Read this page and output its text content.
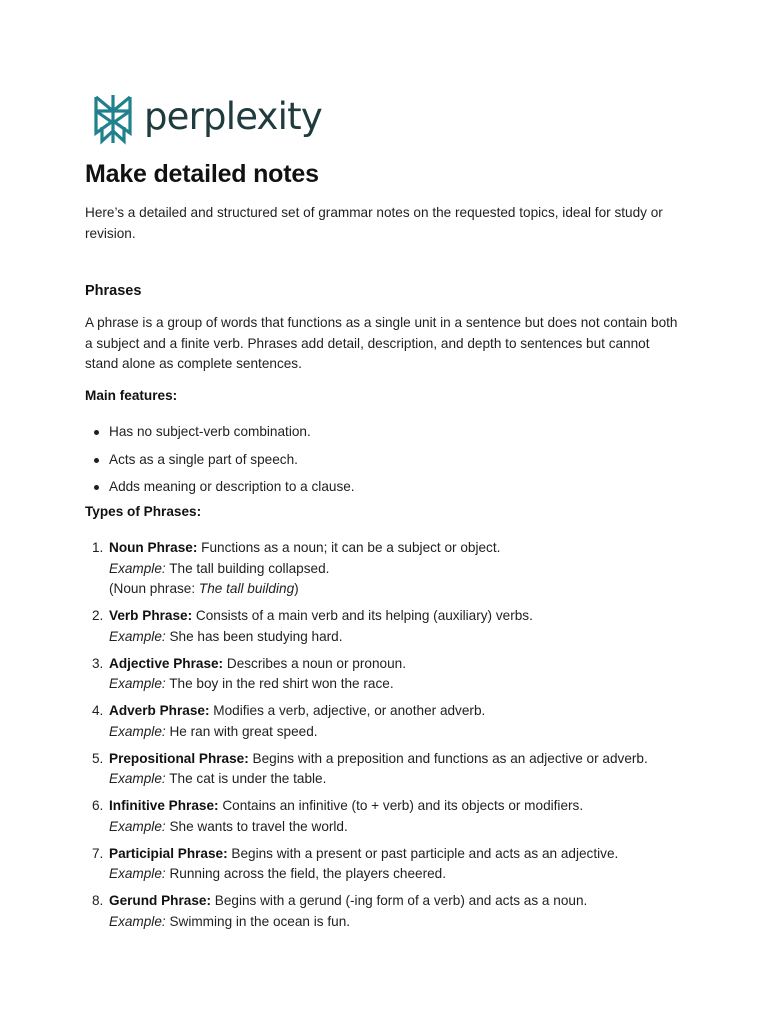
perplexity
Make detailed notes

Here’s a detailed and structured set of grammar notes on the requested topics, ideal for study or revision.

Phrases

A phrase is a group of words that functions as a single unit in a sentence but does not contain both a subject and a finite verb. Phrases add detail, description, and depth to sentences but cannot stand alone as complete sentences.

Main features:
Has no subject-verb combination.
Acts as a single part of speech.
Adds meaning or description to a clause.
Types of Phrases:
1. Noun Phrase: Functions as a noun; it can be a subject or object.
Example: The tall building collapsed.
(Noun phrase: The tall building)
2. Verb Phrase: Consists of a main verb and its helping (auxiliary) verbs.
Example: She has been studying hard.
3. Adjective Phrase: Describes a noun or pronoun.
Example: The boy in the red shirt won the race.
4. Adverb Phrase: Modifies a verb, adjective, or another adverb.
Example: He ran with great speed.
5. Prepositional Phrase: Begins with a preposition and functions as an adjective or adverb.
Example: The cat is under the table.
6. Infinitive Phrase: Contains an infinitive (to + verb) and its objects or modifiers.
Example: She wants to travel the world.
7. Participial Phrase: Begins with a present or past participle and acts as an adjective.
Example: Running across the field, the players cheered.
8. Gerund Phrase: Begins with a gerund (-ing form of a verb) and acts as a noun.
Example: Swimming in the ocean is fun.
